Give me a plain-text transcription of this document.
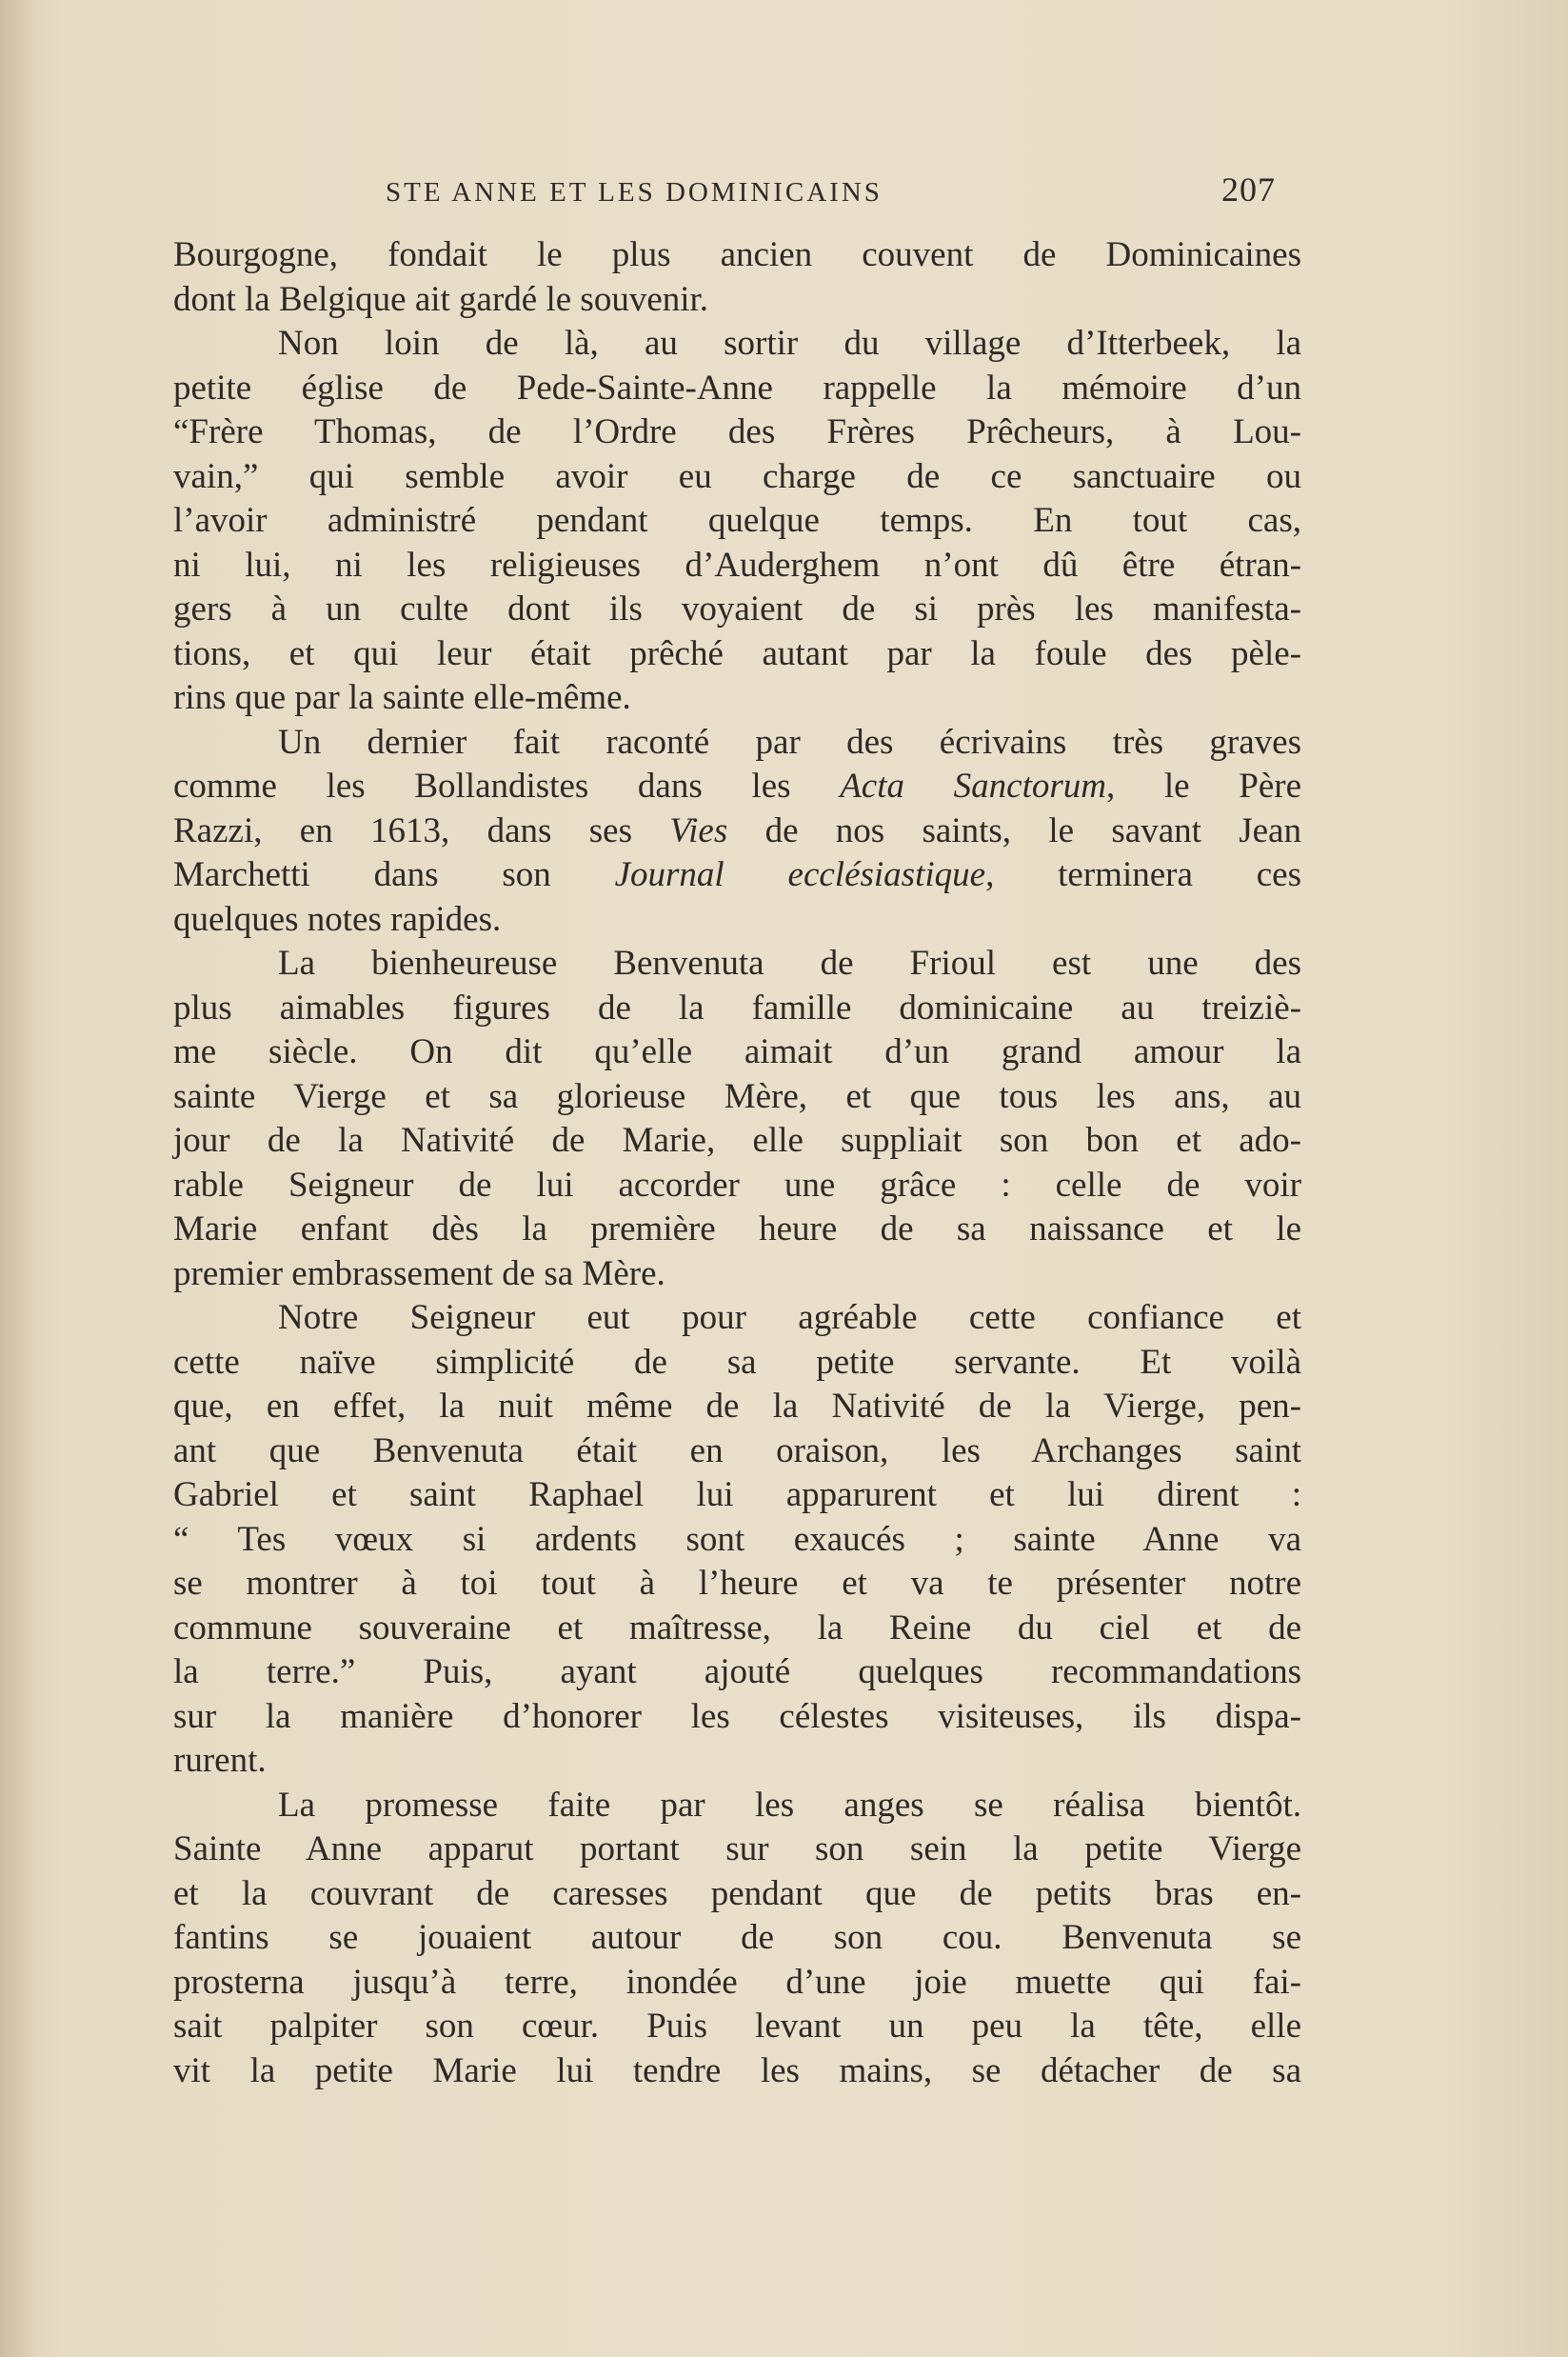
STE ANNE ET LES DOMINICAINS	207
Bourgogne, fondait le plus ancien couvent de Dominicaines
dont la Belgique ait gardé le souvenir.
Non loin de là, au sortir du village d’Itterbeek, la
petite église de Pede-Sainte-Anne rappelle la mémoire d’un
“Frère Thomas, de l’Ordre des Frères Prêcheurs, à Lou-
vain,” qui semble avoir eu charge de ce sanctuaire ou
l’avoir administré pendant quelque temps. En tout cas,
ni lui, ni les religieuses d’Auderghem n’ont dû être étran-
gers à un culte dont ils voyaient de si près les manifesta-
tions, et qui leur était prêché autant par la foule des pèle-
rins que par la sainte elle-même.
Un dernier fait raconté par des écrivains très graves
comme les Bollandistes dans les Acta Sanctorum, le Père
Razzi, en 1613, dans ses Vies de nos saints, le savant Jean
Marchetti dans son Journal ecclésiastique, terminera ces
quelques notes rapides.
La bienheureuse Benvenuta de Frioul est une des
plus aimables figures de la famille dominicaine au treiziè-
me siècle. On dit qu’elle aimait d’un grand amour la
sainte Vierge et sa glorieuse Mère, et que tous les ans, au
jour de la Nativité de Marie, elle suppliait son bon et ado-
rable Seigneur de lui accorder une grâce : celle de voir
Marie enfant dès la première heure de sa naissance et le
premier embrassement de sa Mère.
Notre Seigneur eut pour agréable cette confiance et
cette naïve simplicité de sa petite servante. Et voilà
que, en effet, la nuit même de la Nativité de la Vierge, pen-
ant que Benvenuta était en oraison, les Archanges saint
Gabriel et saint Raphael lui apparurent et lui dirent :
“ Tes vœux si ardents sont exaucés ; sainte Anne va
se montrer à toi tout à l’heure et va te présenter notre
commune souveraine et maîtresse, la Reine du ciel et de
la terre.” Puis, ayant ajouté quelques recommandations
sur la manière d’honorer les célestes visiteuses, ils dispa-
rurent.
La promesse faite par les anges se réalisa bientôt.
Sainte Anne apparut portant sur son sein la petite Vierge
et la couvrant de caresses pendant que de petits bras en-
fantins se jouaient autour de son cou. Benvenuta se
prosterna jusqu’à terre, inondée d’une joie muette qui fai-
sait palpiter son cœur. Puis levant un peu la tête, elle
vit la petite Marie lui tendre les mains, se détacher de sa
